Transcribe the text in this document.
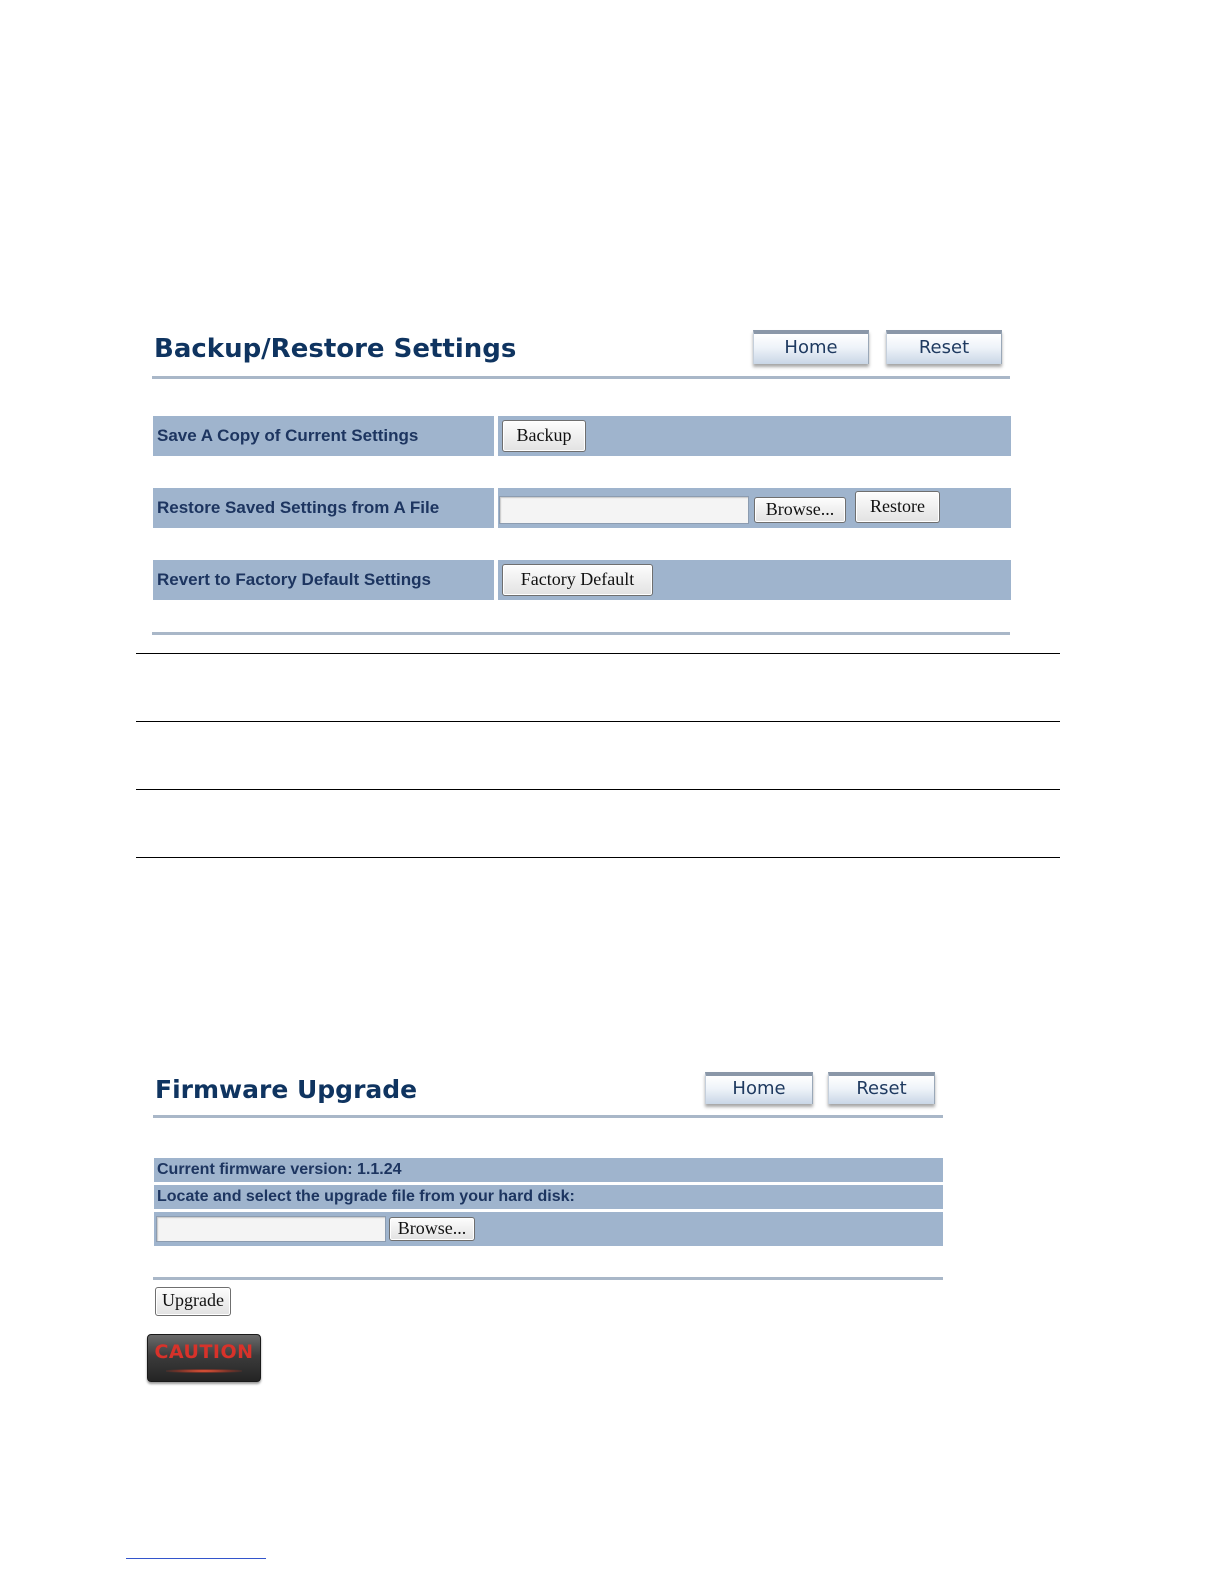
Backup/Restore Settings	Home	Reset
Save A Copy of Current Settings	Backup
Restore Saved Settings from A File	Browse...	Restore
Revert to Factory Default Settings	Factory Default
Firmware Upgrade	Home	Reset
Current firmware version: 1.1.24
Locate and select the upgrade file from your hard disk:
Browse...
Upgrade
CAUTION
